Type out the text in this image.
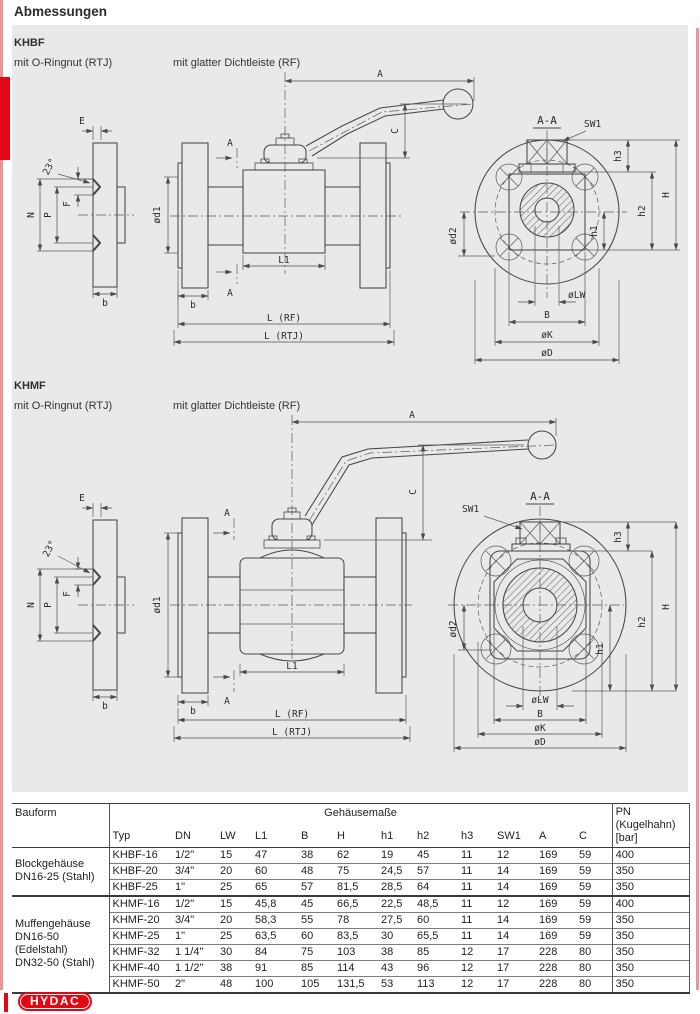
Abmessungen
KHBF
mit O-Ringnut (RTJ)	mit glatter Dichtleiste (RF)
KHMF
mit O-Ringnut (RTJ)	mit glatter Dichtleiste (RF)
E
23°
F
P
N
b
A
C
ød1
L1
b
L (RF)
L (RTJ)
A
A
A-A	SW1
h3
h1
h2
H
ød2
øLW
B
øK
øD
E
23°
F
P
N
b
A
C
ød1
L1
b	L (RF)
L (RTJ)
A
A
A-A
SW1
h3
h1
h2
H
ød2
øLW
B
øK
øD
Bauform	Gehäusemaße												PN
(Kugelhahn)
[bar]

	Typ	DN	LW	L1	B	H	h1	h2	h3	SW1	A	C	
Blockgehäuse
DN16-25 (Stahl)	KHBF-16	1/2"	15	47	38	62	19	45	11	12	169	59	400
	KHBF-20	3/4"	20	60	48	75	24,5	57	11	14	169	59	350
	KHBF-25	1"	25	65	57	81,5	28,5	64	11	14	169	59	350
Muffengehäuse
DN16-50
(Edelstahl)
DN32-50 (Stahl)	KHMF-16	1/2"	15	45,8	45	66,5	22,5	48,5	11	12	169	59	400
	KHMF-20	3/4"	20	58,3	55	78	27,5	60	11	14	169	59	350
	KHMF-25	1"	25	63,5	60	83,5	30	65,5	11	14	169	59	350
	KHMF-32	1 1/4"	30	84	75	103	38	85	12	17	228	80	350
	KHMF-40	1 1/2"	38	91	85	114	43	96	12	17	228	80	350
	KHMF-50	2"	48	100	105	131,5	53	113	12	17	228	80	350
HYDAC
